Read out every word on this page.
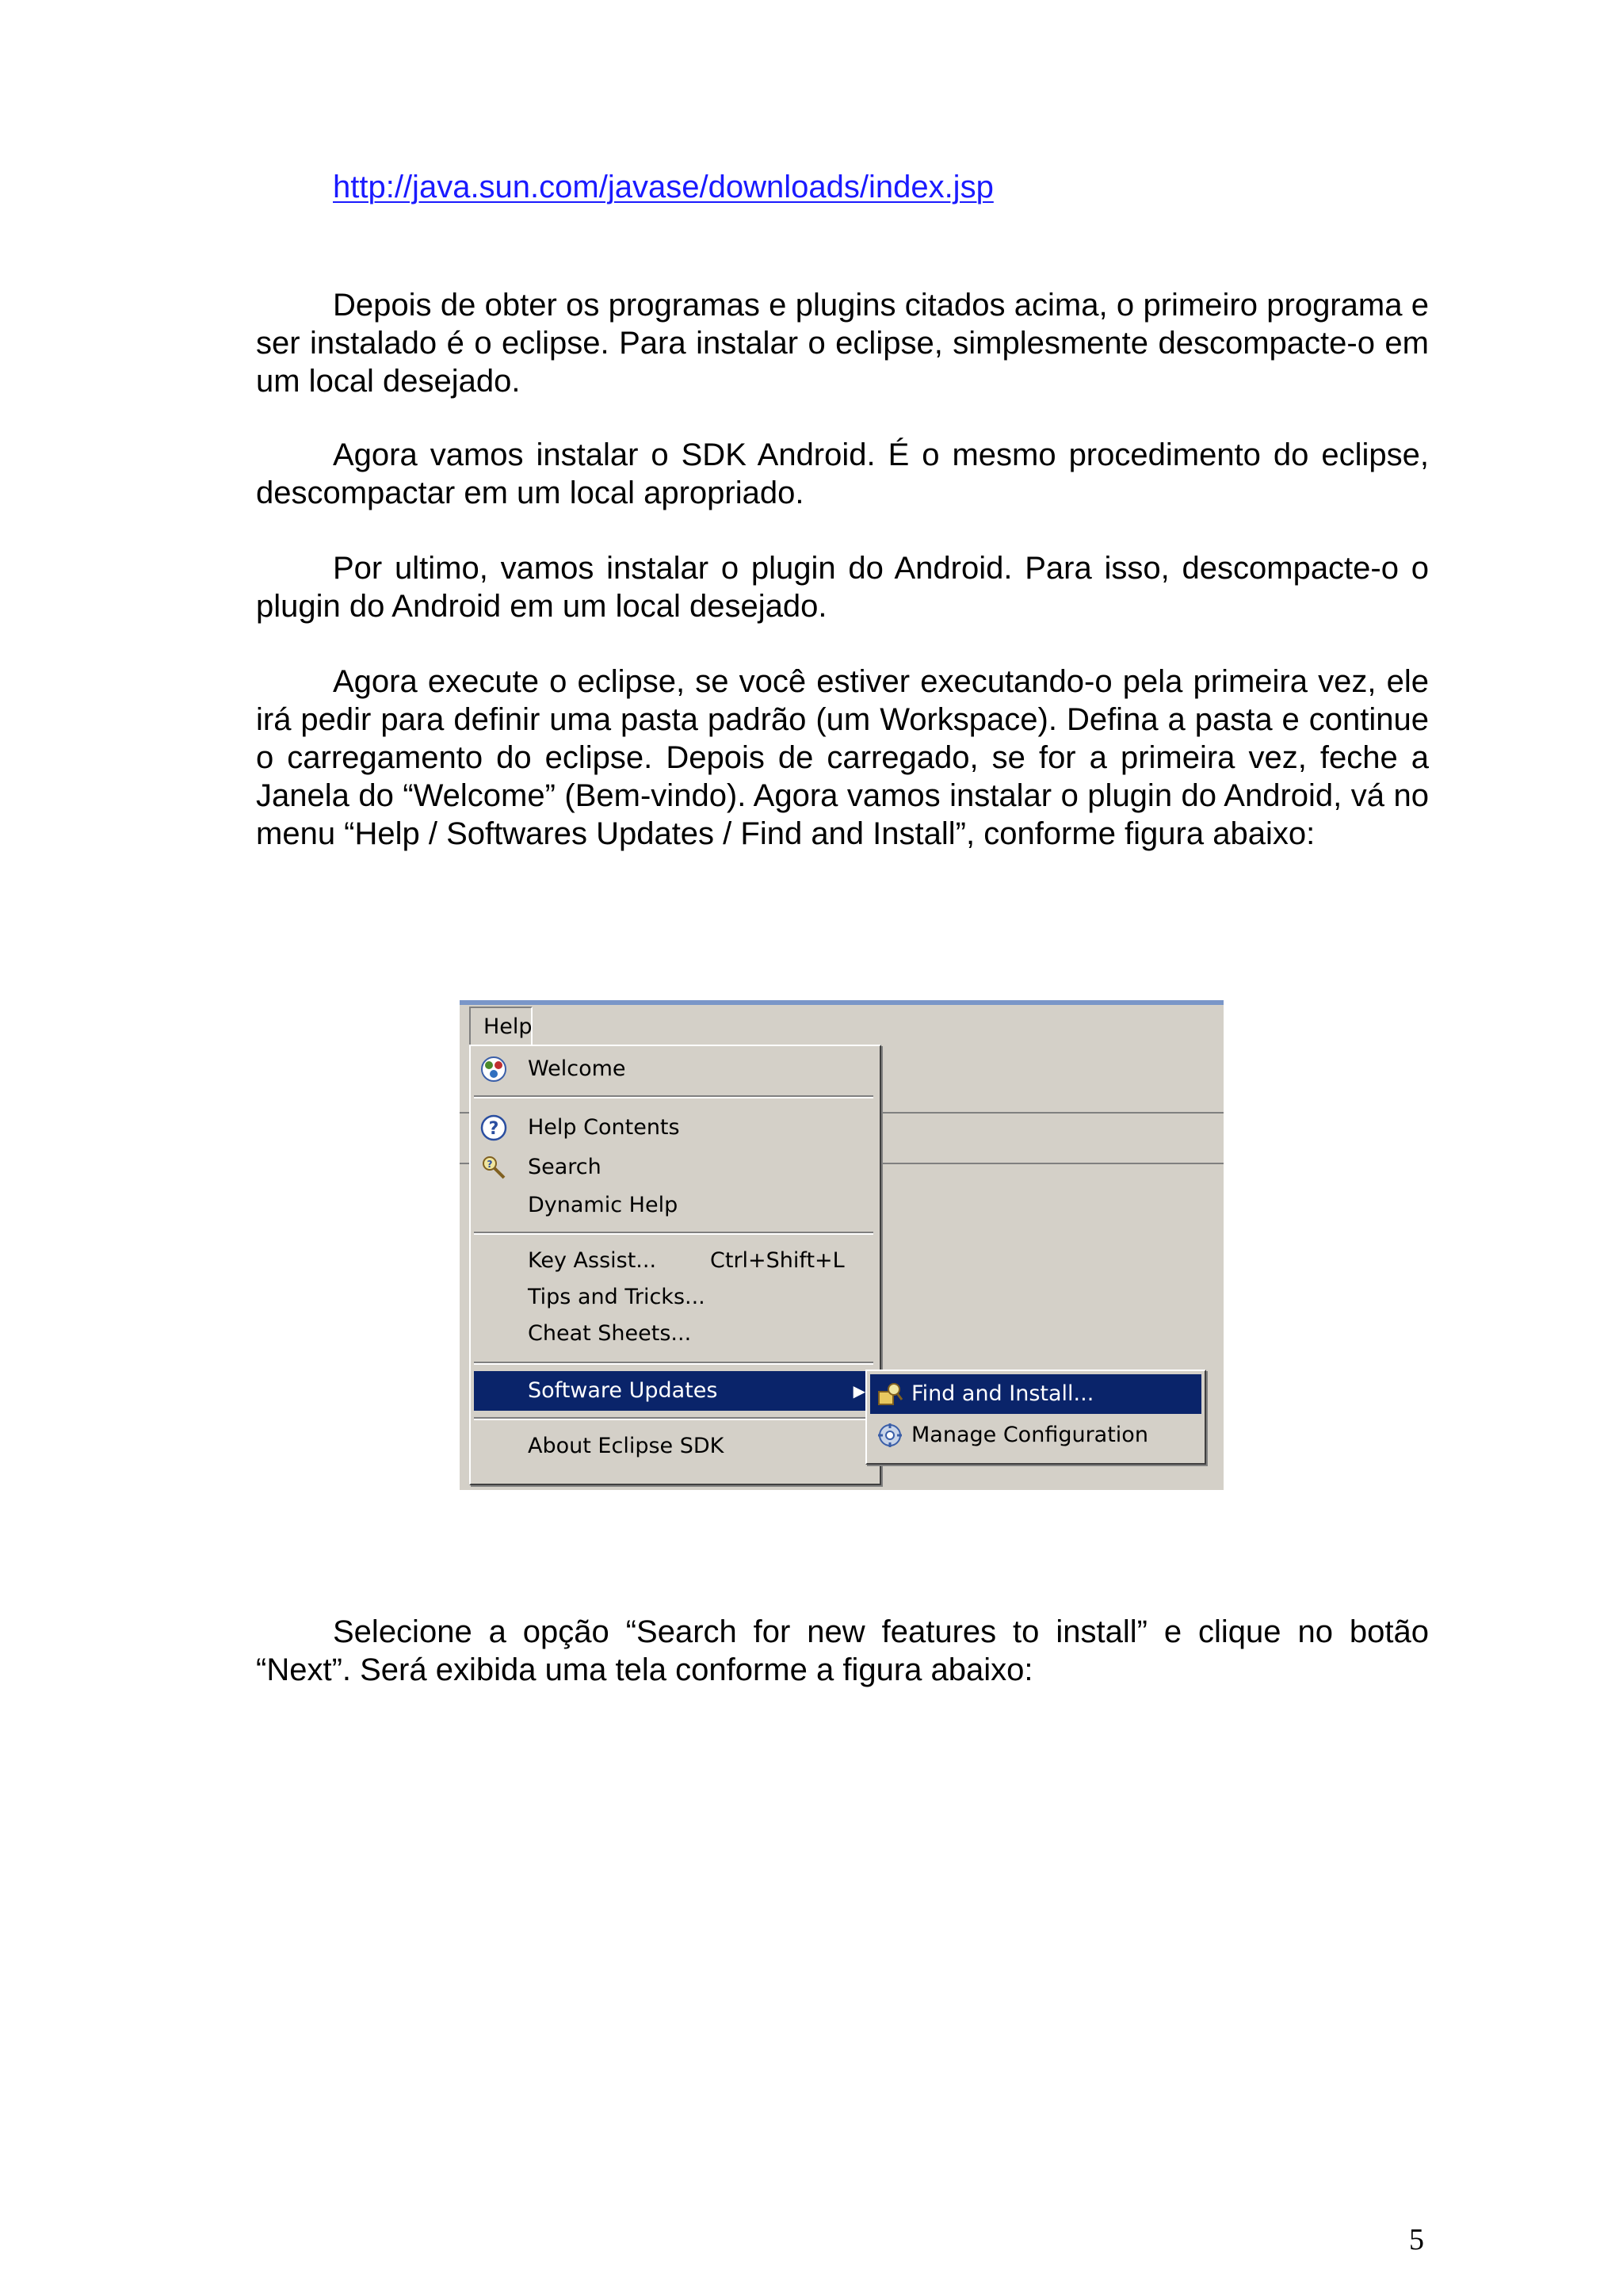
http://java.sun.com/javase/downloads/index.jsp

Depois de obter os programas e plugins citados acima, o primeiro programa e ser instalado é o eclipse. Para instalar o eclipse, simplesmente descompacte-o em um local desejado.

Agora vamos instalar o SDK Android. É o mesmo procedimento do eclipse, descompactar em um local apropriado.

Por ultimo, vamos instalar o plugin do Android. Para isso, descompacte-o o plugin do Android em um local desejado.

Agora execute o eclipse, se você estiver executando-o pela primeira vez, ele irá pedir para definir uma pasta padrão (um Workspace). Defina a pasta e continue o carregamento do eclipse. Depois de carregado, se for a primeira vez, feche a Janela do “Welcome” (Bem-vindo). Agora vamos instalar o plugin do Android, vá no menu “Help / Softwares Updates / Find and Install”, conforme figura abaixo:

Help
Welcome
? Help Contents
? Search
Dynamic Help
Key Assist...	Ctrl+Shift+L
Tips and Tricks...
Cheat Sheets...
Software Updates	▶
About Eclipse SDK
Find and Install...
Manage Configuration

Selecione a opção “Search for new features to install” e clique no botão “Next”. Será exibida uma tela conforme a figura abaixo:

5
